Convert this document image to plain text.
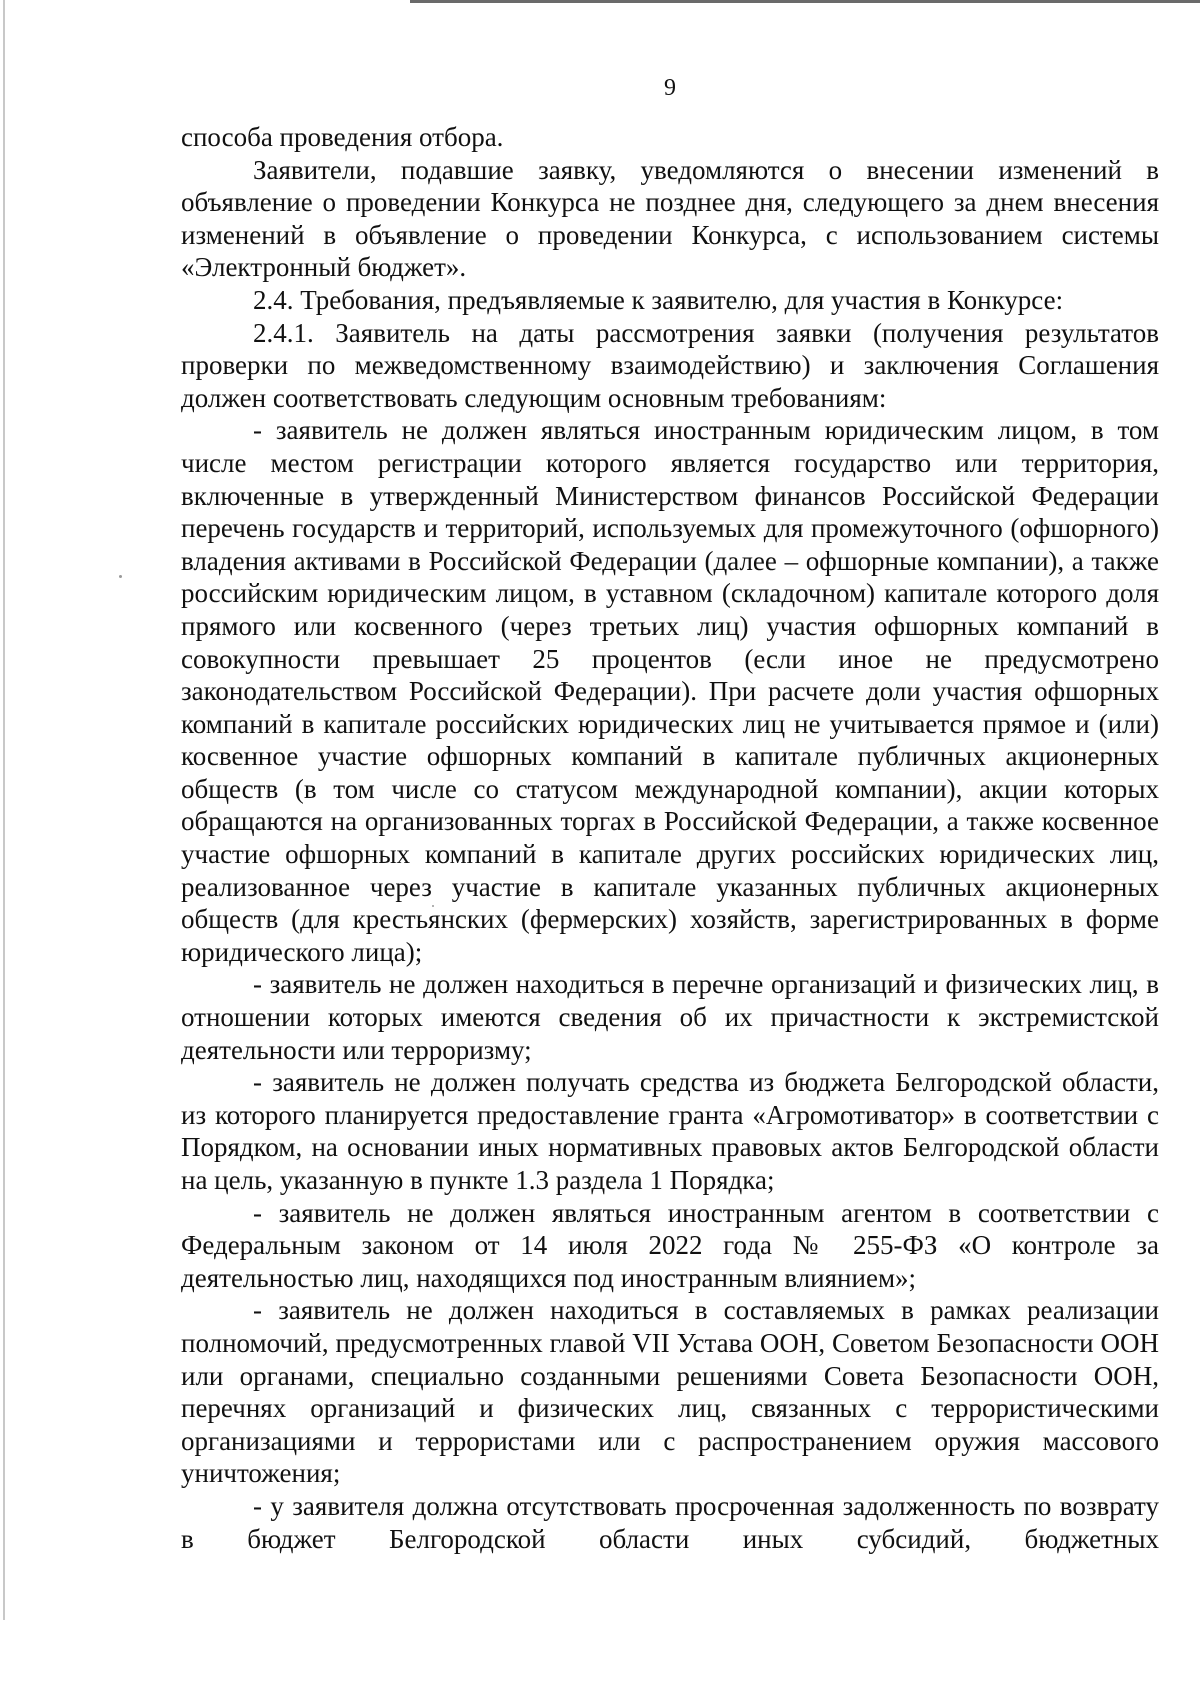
9

способа проведения отбора.

Заявители, подавшие заявку, уведомляются о внесении изменений в объявление о проведении Конкурса не позднее дня, следующего за днем внесения изменений в объявление о проведении Конкурса, с использованием системы «Электронный бюджет».

2.4. Требования, предъявляемые к заявителю, для участия в Конкурсе:

2.4.1. Заявитель на даты рассмотрения заявки (получения результатов проверки по межведомственному взаимодействию) и заключения Соглашения должен соответствовать следующим основным требованиям:

- заявитель не должен являться иностранным юридическим лицом, в том числе местом регистрации которого является государство или территория, включенные в утвержденный Министерством финансов Российской Федерации перечень государств и территорий, используемых для промежуточного (офшорного) владения активами в Российской Федерации (далее – офшорные компании), а также российским юридическим лицом, в уставном (складочном) капитале которого доля прямого или косвенного (через третьих лиц) участия офшорных компаний в совокупности превышает 25 процентов (если иное не предусмотрено законодательством Российской Федерации). При расчете доли участия офшорных компаний в капитале российских юридических лиц не учитывается прямое и (или) косвенное участие офшорных компаний в капитале публичных акционерных обществ (в том числе со статусом международной компании), акции которых обращаются на организованных торгах в Российской Федерации, а также косвенное участие офшорных компаний в капитале других российских юридических лиц, реализованное через участие в капитале указанных публичных акционерных обществ (для крестьянских (фермерских) хозяйств, зарегистрированных в форме юридического лица);

- заявитель не должен находиться в перечне организаций и физических лиц, в отношении которых имеются сведения об их причастности к экстремистской деятельности или терроризму;

- заявитель не должен получать средства из бюджета Белгородской области, из которого планируется предоставление гранта «Агромотиватор» в соответствии с Порядком, на основании иных нормативных правовых актов Белгородской области на цель, указанную в пункте 1.3 раздела 1 Порядка;

- заявитель не должен являться иностранным агентом в соответствии с Федеральным законом от 14 июля 2022 года № 255-ФЗ «О контроле за деятельностью лиц, находящихся под иностранным влиянием»;

- заявитель не должен находиться в составляемых в рамках реализации полномочий, предусмотренных главой VII Устава ООН, Советом Безопасности ООН или органами, специально созданными решениями Совета Безопасности ООН, перечнях организаций и физических лиц, связанных с террористическими организациями и террористами или с распространением оружия массового уничтожения;

- у заявителя должна отсутствовать просроченная задолженность по возврату в бюджет Белгородской области иных субсидий, бюджетных
